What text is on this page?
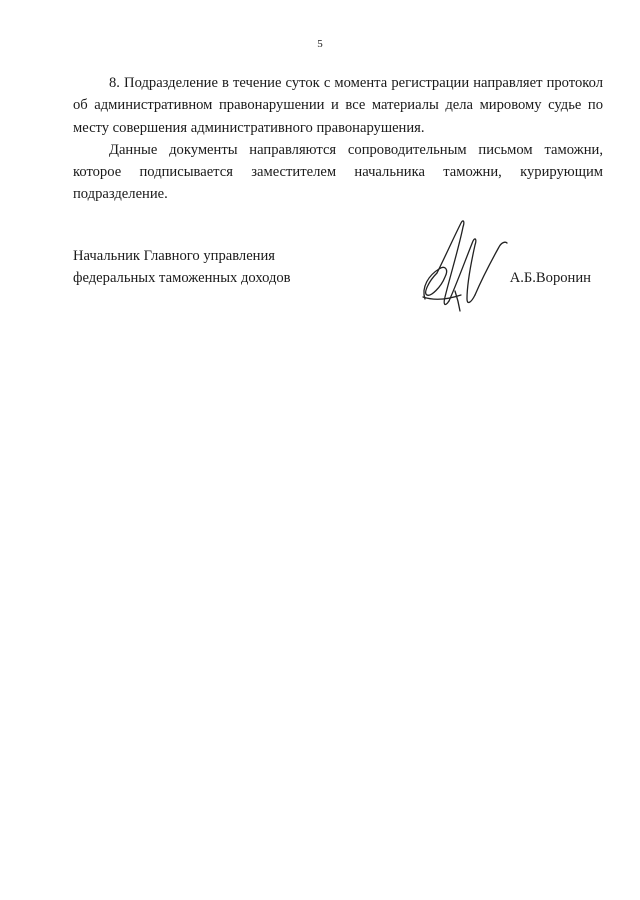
5

8. Подразделение в течение суток с момента регистрации направляет протокол об административном правонарушении и все материалы дела мировому судье по месту совершения административного правонарушения.

Данные документы направляются сопроводительным письмом таможни, которое подписывается заместителем начальника таможни, курирующим подразделение.

Начальник Главного управления
федеральных таможенных доходов	А.Б.Воронин
